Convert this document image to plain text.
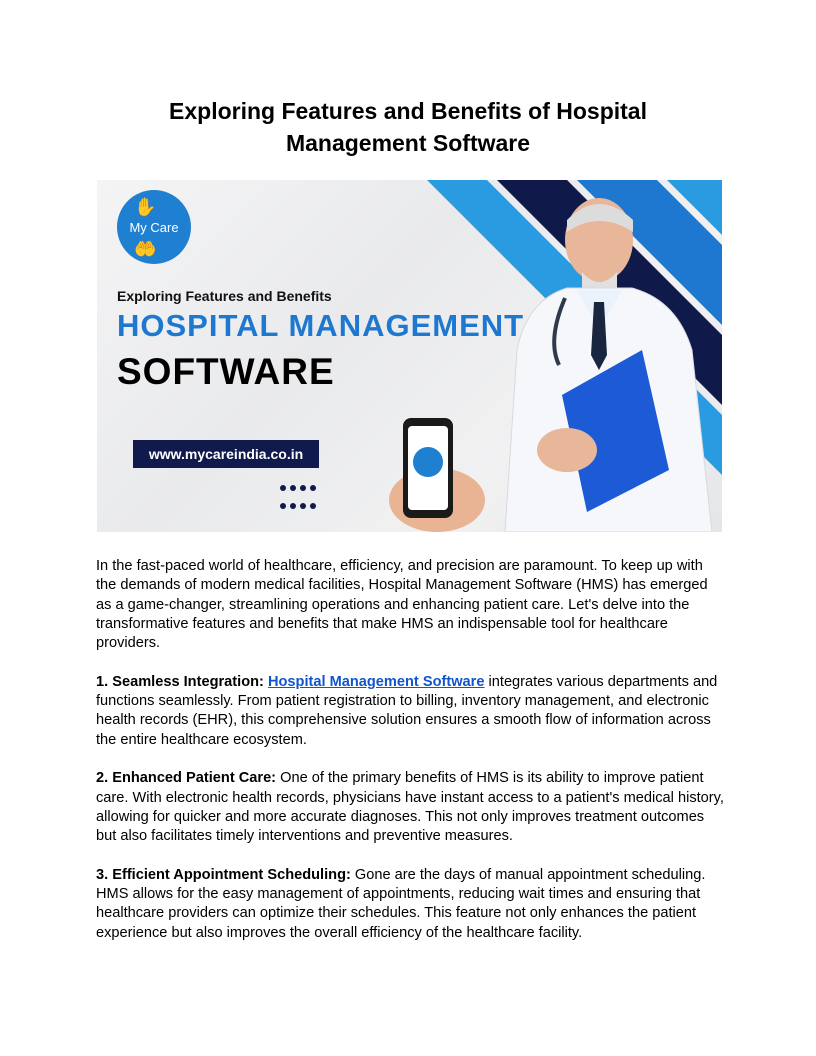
Exploring Features and Benefits of Hospital
Management Software
✋
My Care
🤲
Exploring Features and Benefits
HOSPITAL MANAGEMENT
SOFTWARE
www.mycareindia.co.in

In the fast-paced world of healthcare, efficiency, and precision are paramount. To keep up with the demands of modern medical facilities, Hospital Management Software (HMS) has emerged as a game-changer, streamlining operations and enhancing patient care. Let's delve into the transformative features and benefits that make HMS an indispensable tool for healthcare providers.

1. Seamless Integration: Hospital Management Software integrates various departments and functions seamlessly. From patient registration to billing, inventory management, and electronic health records (EHR), this comprehensive solution ensures a smooth flow of information across the entire healthcare ecosystem.

2. Enhanced Patient Care: One of the primary benefits of HMS is its ability to improve patient care. With electronic health records, physicians have instant access to a patient's medical history, allowing for quicker and more accurate diagnoses. This not only improves treatment outcomes but also facilitates timely interventions and preventive measures.

3. Efficient Appointment Scheduling: Gone are the days of manual appointment scheduling. HMS allows for the easy management of appointments, reducing wait times and ensuring that healthcare providers can optimize their schedules. This feature not only enhances the patient experience but also improves the overall efficiency of the healthcare facility.
